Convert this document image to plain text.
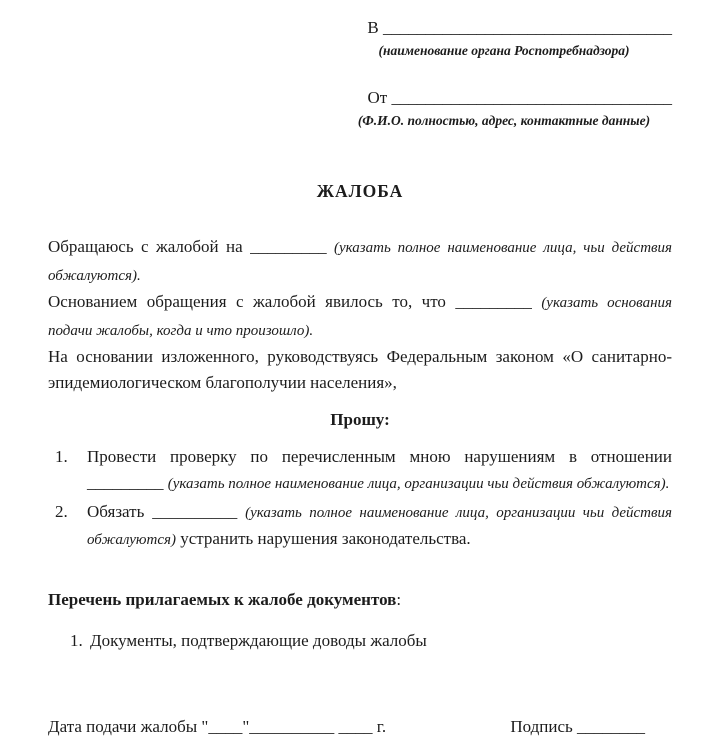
В __________________________________
(наименование органа Роспотребнадзора)
От _________________________________
(Ф.И.О. полностью, адрес, контактные данные)
ЖАЛОБА

Обращаюсь с жалобой на _________ (указать полное наименование лица, чьи действия обжалуются).

Основанием обращения с жалобой явилось то, что _________ (указать основания подачи жалобы, когда и что произошло).

На основании изложенного, руководствуясь Федеральным законом «О санитарно-эпидемиологическом благополучии населения»,

Прошу:
1.	Провести проверку по перечисленным мною нарушениям в отношении _________ (указать полное наименование лица, организации чьи действия обжалуются).
2.	Обязать __________ (указать полное наименование лица, организации чьи действия обжалуются) устранить нарушения законодательства.
Перечень прилагаемых к жалобе документов:
1. Документы, подтверждающие доводы жалобы
Дата подачи жалобы "____"__________ ____ г.	Подпись ________
